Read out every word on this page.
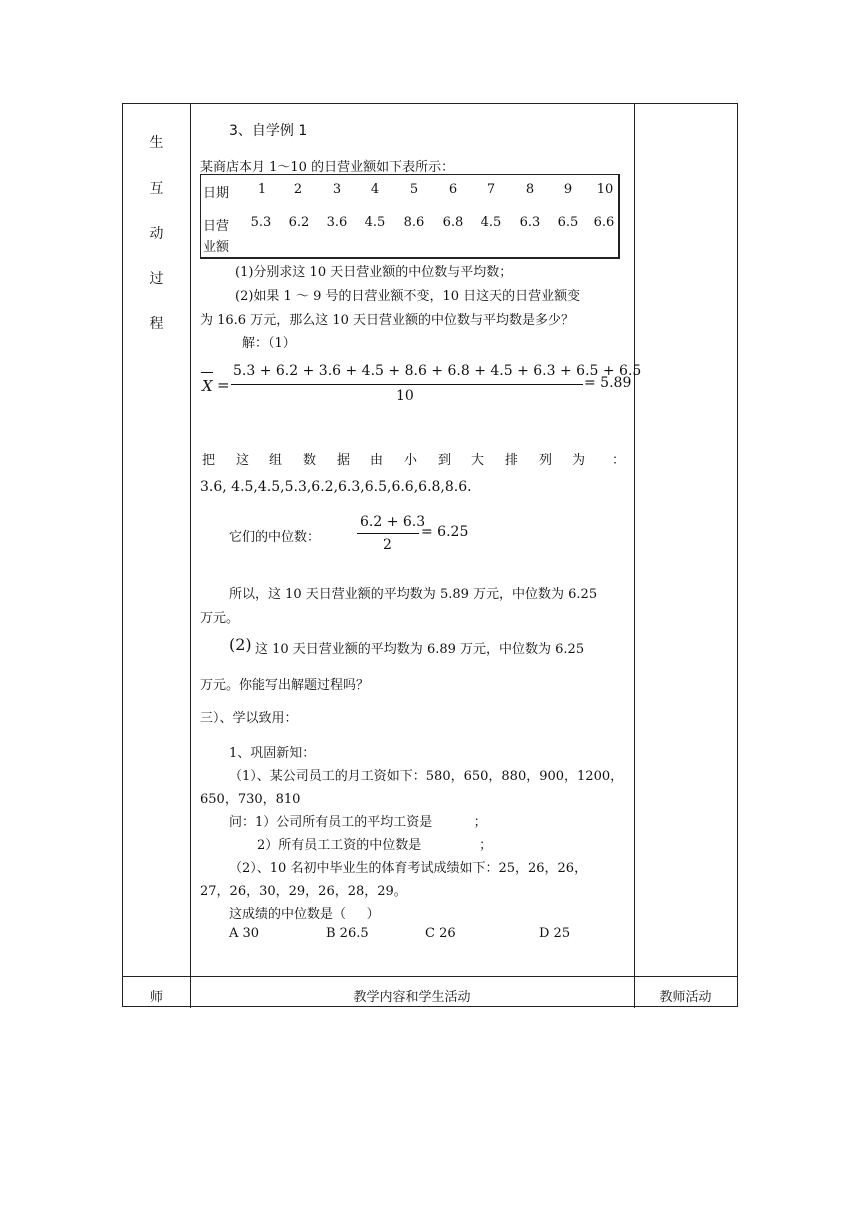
生
互
动
过
程
3、自学例 1
某商店本月 1～10 的日营业额如下表所示：
日期	1	2	3	4	5	6	7	8	9	10
日营
业额
5.3	6.2	3.6	4.5	8.6	6.8	4.5	6.3	6.5	6.6
(1)分别求这 10 天日营业额的中位数与平均数；
(2)如果 1 ～ 9 号的日营业额不变，10 日这天的日营业额变
为 16.6 万元，那么这 10 天日营业额的中位数与平均数是多少？
解：（1）
X =
5.3 + 6.2 + 3.6 + 4.5 + 8.6 + 6.8 + 4.5 + 6.3 + 6.5 + 6.5
10
= 5.89
把 这 组 数 据 由 小 到 大 排 列 为 ：
3.6, 4.5,4.5,5.3,6.2,6.3,6.5,6.6,6.8,8.6.
它们的中位数：
6.2 + 6.3
2
= 6.25
所以，这 10 天日营业额的平均数为 5.89 万元，中位数为 6.25
万元。
(2) 这 10 天日营业额的平均数为 6.89 万元，中位数为 6.25
万元。你能写出解题过程吗？
三）、学以致用：
1、巩固新知：
（1）、某公司员工的月工资如下：580，650，880，900，1200，
650，730，810
问：1）公司所有员工的平均工资是          ；
2）所有员工工资的中位数是              ；
（2）、10 名初中毕业生的体育考试成绩如下：25，26，26，
27，26，30，29，26，28，29。
这成绩的中位数是（     ）
A 30	B 26.5	C 26	D 25
师	教学内容和学生活动	教师活动
